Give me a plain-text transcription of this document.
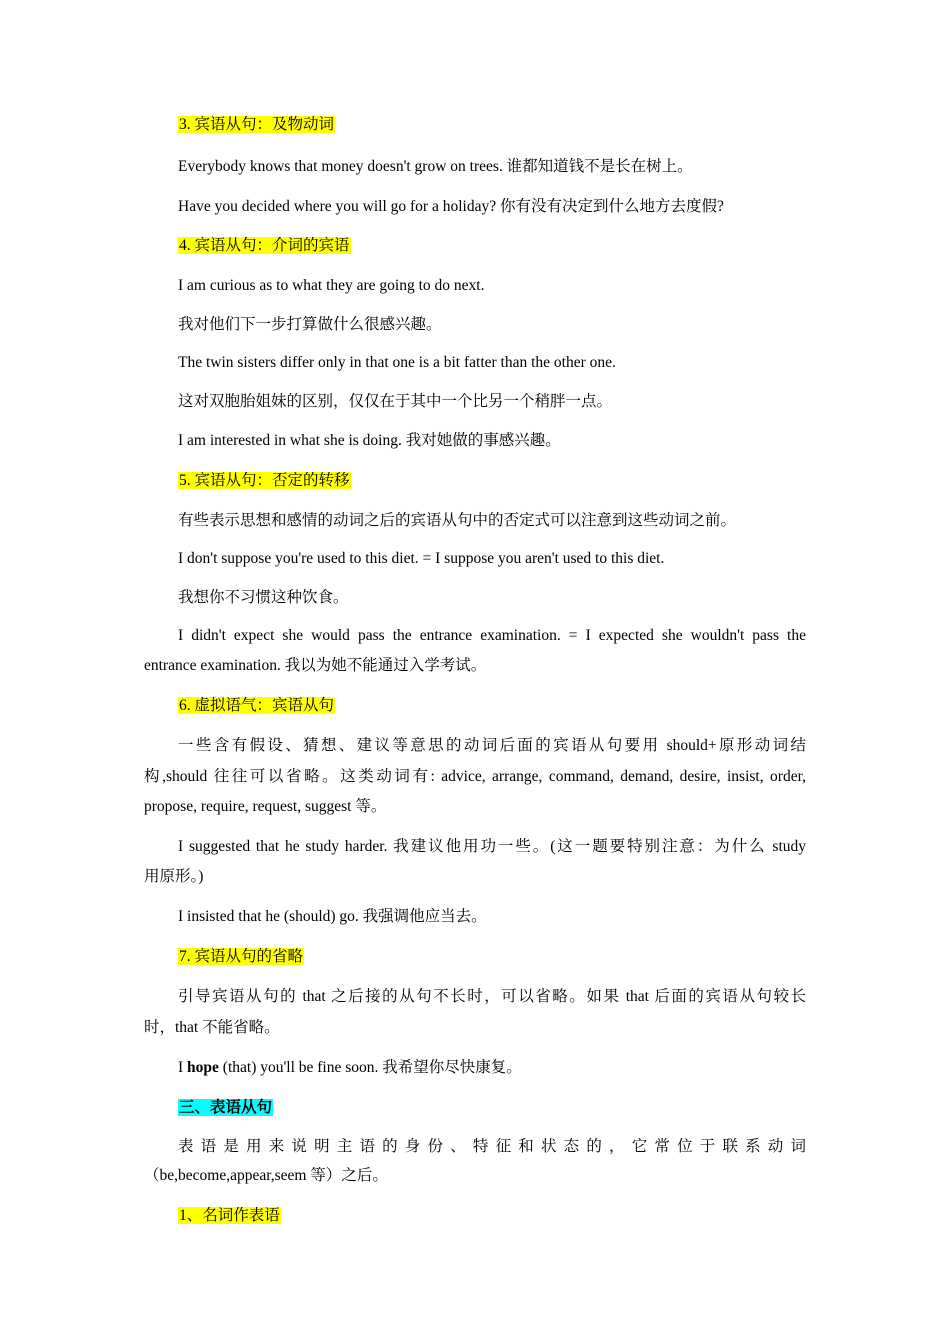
3. 宾语从句：及物动词
Everybody knows that money doesn't grow on trees. 谁都知道钱不是长在树上。
Have you decided where you will go for a holiday? 你有没有决定到什么地方去度假?
4. 宾语从句：介词的宾语
I am curious as to what they are going to do next.
我对他们下一步打算做什么很感兴趣。
The twin sisters differ only in that one is a bit fatter than the other one.
这对双胞胎姐妹的区别，仅仅在于其中一个比另一个稍胖一点。
I am interested in what she is doing. 我对她做的事感兴趣。
5. 宾语从句：否定的转移
有些表示思想和感情的动词之后的宾语从句中的否定式可以注意到这些动词之前。
I don't suppose you're used to this diet. = I suppose you aren't used to this diet.
我想你不习惯这种饮食。
I didn't expect she would pass the entrance examination. = I expected she wouldn't pass the
entrance examination. 我以为她不能通过入学考试。
6. 虚拟语气：宾语从句
一些含有假设、猜想、建议等意思的动词后面的宾语从句要用 should+原形动词结
构,should 往往可以省略。这类动词有: advice, arrange, command, demand, desire, insist, order,
propose, require, request, suggest 等。
I suggested that he study harder. 我建议他用功一些。(这一题要特别注意：为什么 study
用原形。)
I insisted that he (should) go. 我强调他应当去。
7. 宾语从句的省略
引导宾语从句的 that 之后接的从句不长时，可以省略。如果 that 后面的宾语从句较长
时，that 不能省略。
I hope (that) you'll be fine soon. 我希望你尽快康复。
三、表语从句
表 语 是 用 来 说 明 主 语 的 身 份 、 特 征 和 状 态 的 ， 它 常 位 于 联 系 动 词
（be,become,appear,seem 等）之后。
1、名词作表语
